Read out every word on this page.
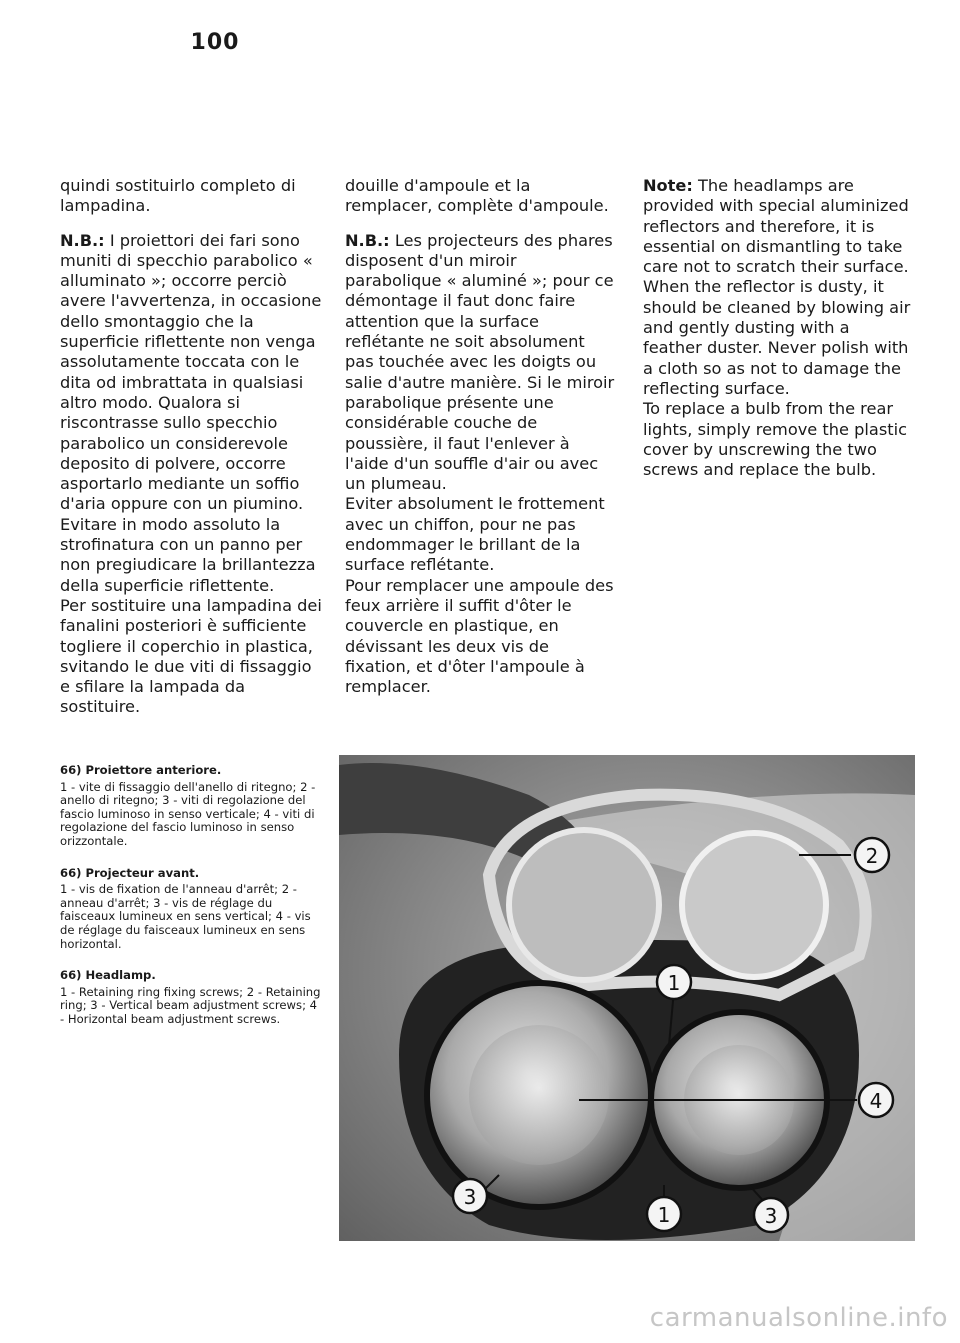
100

quindi sostituirlo completo di lampadina.

N.B.: I proiettori dei fari sono muniti di specchio parabolico « alluminato »; occorre perciò avere l'avvertenza, in occasione dello smontaggio che la superficie riflettente non venga assolutamente toccata con le dita od imbrattata in qualsiasi altro modo. Qualora si riscontrasse sullo specchio parabolico un considerevole deposito di polvere, occorre asportarlo mediante un soffio d'aria oppure con un piumino. Evitare in modo assoluto la strofinatura con un panno per non pregiudicare la brillantezza della superficie riflettente.

Per sostituire una lampadina dei fanalini posteriori è sufficiente togliere il coperchio in plastica, svitando le due viti di fissaggio e sfilare la lampada da sostituire.

douille d'ampoule et la remplacer, complète d'ampoule.

N.B.: Les projecteurs des phares disposent d'un miroir parabolique « aluminé »; pour ce démontage il faut donc faire attention que la surface reflétante ne soit absolument pas touchée avec les doigts ou salie d'autre manière. Si le miroir parabolique présente une considérable couche de poussière, il faut l'enlever à l'aide d'un souffle d'air ou avec un plumeau.

Eviter absolument le frottement avec un chiffon, pour ne pas endommager le brillant de la surface reflétante.

Pour remplacer une ampoule des feux arrière il suffit d'ôter le couvercle en plastique, en dévissant les deux vis de fixation, et d'ôter l'ampoule à remplacer.

Note: The headlamps are provided with special aluminized reflectors and therefore, it is essential on dismantling to take care not to scratch their surface. When the reflector is dusty, it should be cleaned by blowing air and gently dusting with a feather duster. Never polish with a cloth so as not to damage the reflecting surface.

To replace a bulb from the rear lights, simply remove the plastic cover by unscrewing the two screws and replace the bulb.

66) Proiettore anteriore.
1 - vite di fissaggio dell'anello di ritegno; 2 - anello di ritegno; 3 - viti di regolazione del fascio luminoso in senso verticale; 4 - viti di regolazione del fascio luminoso in senso orizzontale.
66) Projecteur avant.
1 - vis de fixation de l'anneau d'arrêt; 2 - anneau d'arrêt; 3 - vis de réglage du faisceaux lumineux en sens vertical; 4 - vis de réglage du faisceaux lumineux en sens horizontal.
66) Headlamp.
1 - Retaining ring fixing screws; 2 - Retaining ring; 3 - Vertical beam adjustment screws; 4 - Horizontal beam adjustment screws.
2
1
4
3
1	3
carmanualsonline.info
